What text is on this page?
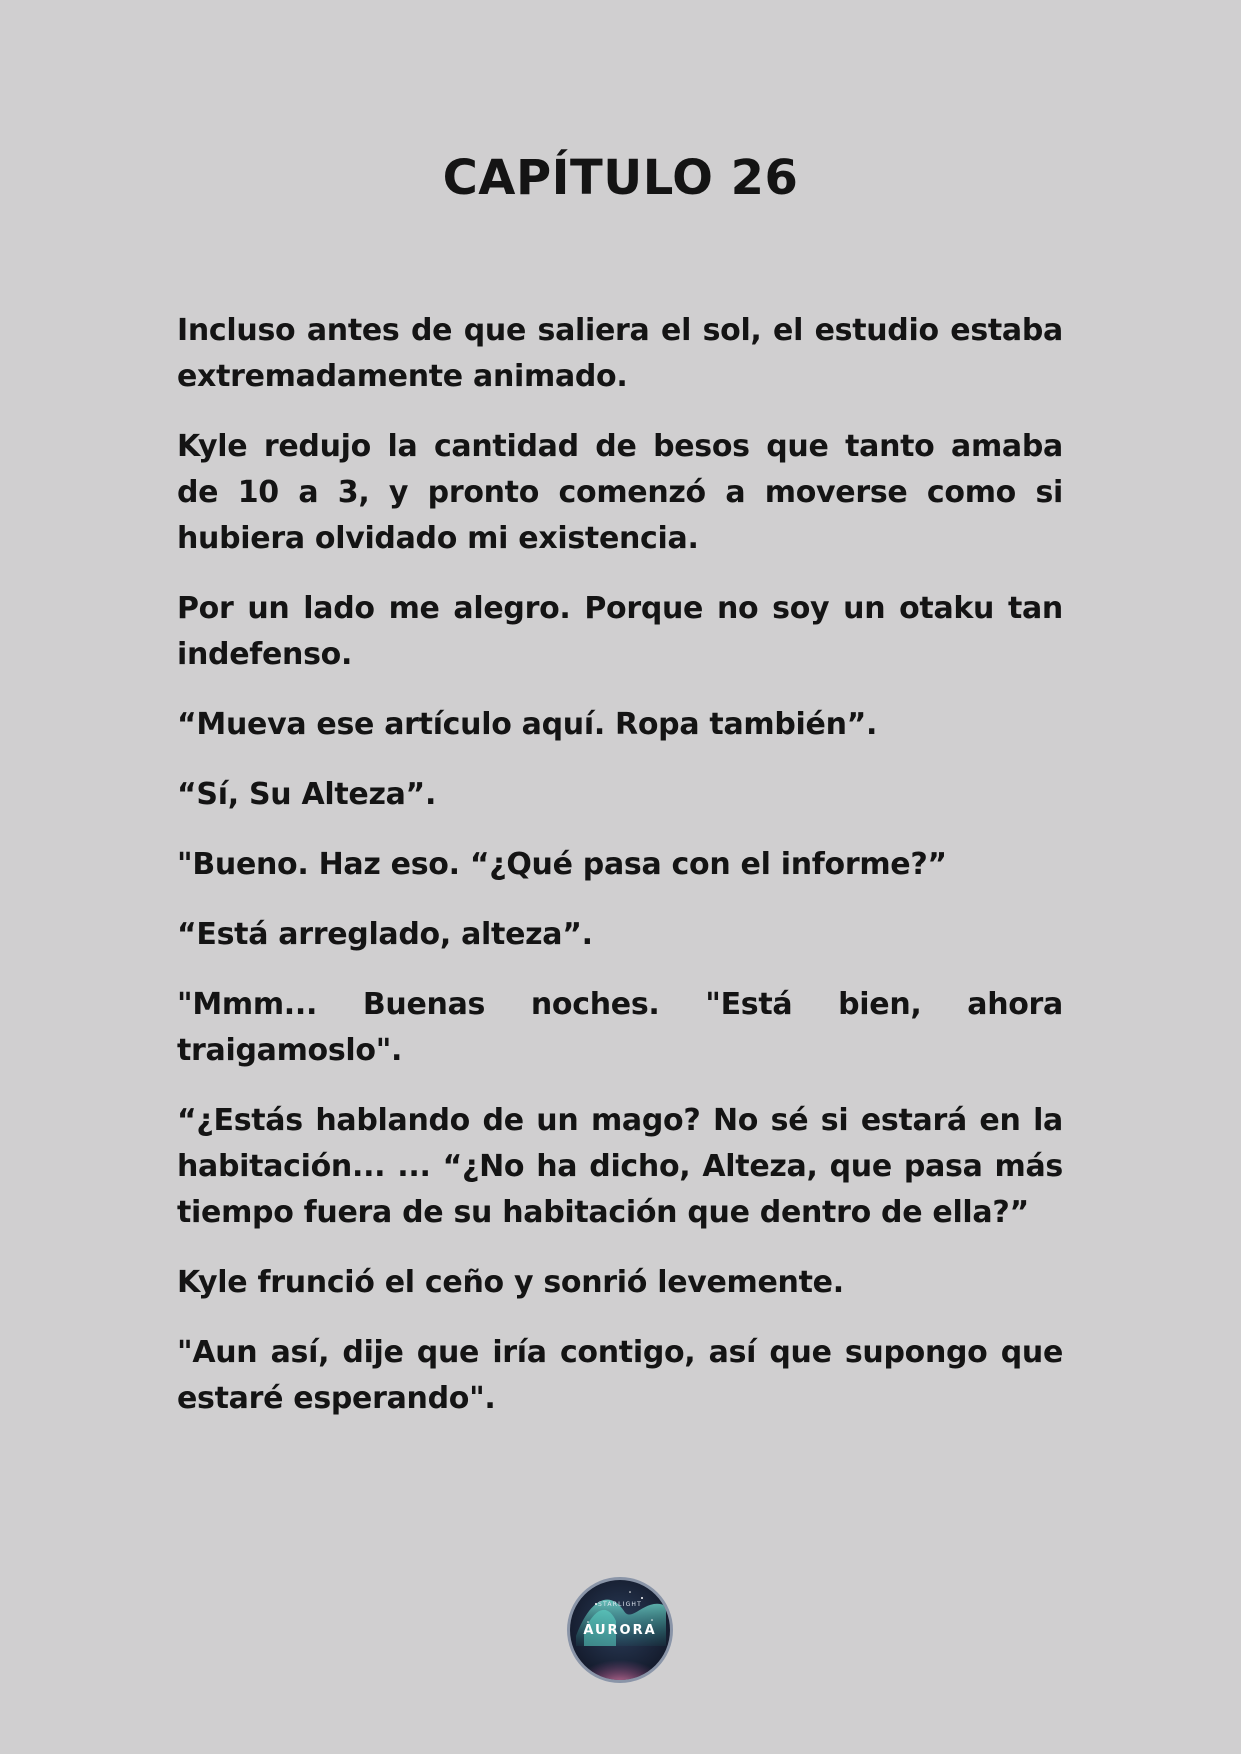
CAPÍTULO 26

Incluso antes de que saliera el sol, el estudio estaba extremadamente animado.

Kyle redujo la cantidad de besos que tanto amaba de 10 a 3, y pronto comenzó a moverse como si hubiera olvidado mi existencia.

Por un lado me alegro. Porque no soy un otaku tan indefenso.

“Mueva ese artículo aquí. Ropa también”.

“Sí, Su Alteza”.

"Bueno. Haz eso. “¿Qué pasa con el informe?”

“Está arreglado, alteza”.

"Mmm... Buenas noches. "Está bien, ahora traigamoslo".

“¿Estás hablando de un mago? No sé si estará en la habitación... ... “¿No ha dicho, Alteza, que pasa más tiempo fuera de su habitación que dentro de ella?”

Kyle frunció el ceño y sonrió levemente.

"Aun así, dije que iría contigo, así que supongo que estaré esperando".

STARLIGHT
AURORA
